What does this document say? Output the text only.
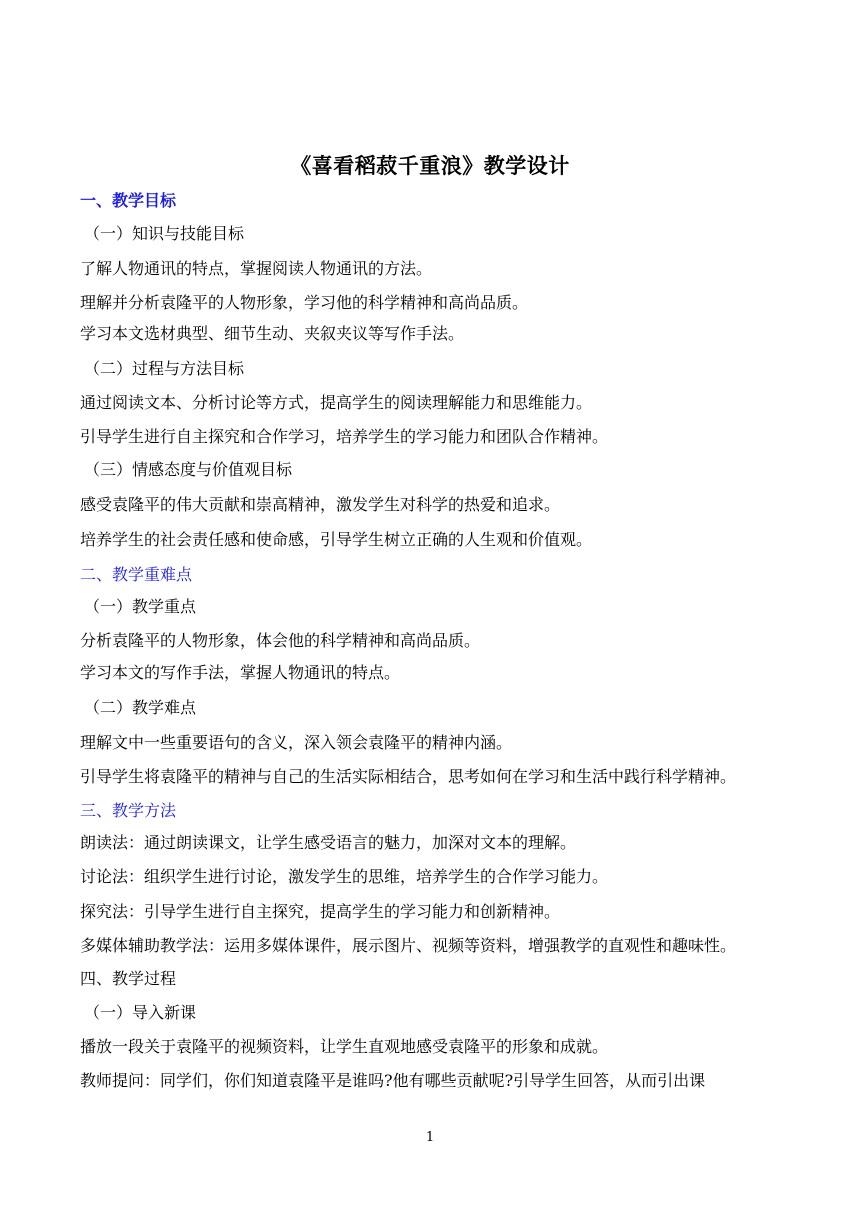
《喜看稻菽千重浪》教学设计
一、教学目标
（一）知识与技能目标
了解人物通讯的特点，掌握阅读人物通讯的方法。
理解并分析袁隆平的人物形象，学习他的科学精神和高尚品质。
学习本文选材典型、细节生动、夹叙夹议等写作手法。
（二）过程与方法目标
通过阅读文本、分析讨论等方式，提高学生的阅读理解能力和思维能力。
引导学生进行自主探究和合作学习，培养学生的学习能力和团队合作精神。
（三）情感态度与价值观目标
感受袁隆平的伟大贡献和崇高精神，激发学生对科学的热爱和追求。
培养学生的社会责任感和使命感，引导学生树立正确的人生观和价值观。
二、教学重难点
（一）教学重点
分析袁隆平的人物形象，体会他的科学精神和高尚品质。
学习本文的写作手法，掌握人物通讯的特点。
（二）教学难点
理解文中一些重要语句的含义，深入领会袁隆平的精神内涵。
引导学生将袁隆平的精神与自己的生活实际相结合，思考如何在学习和生活中践行科学精神。
三、教学方法
朗读法：通过朗读课文，让学生感受语言的魅力，加深对文本的理解。
讨论法：组织学生进行讨论，激发学生的思维，培养学生的合作学习能力。
探究法：引导学生进行自主探究，提高学生的学习能力和创新精神。
多媒体辅助教学法：运用多媒体课件，展示图片、视频等资料，增强教学的直观性和趣味性。
四、教学过程
（一）导入新课
播放一段关于袁隆平的视频资料，让学生直观地感受袁隆平的形象和成就。
教师提问：同学们，你们知道袁隆平是谁吗?他有哪些贡献呢?引导学生回答，从而引出课
1
